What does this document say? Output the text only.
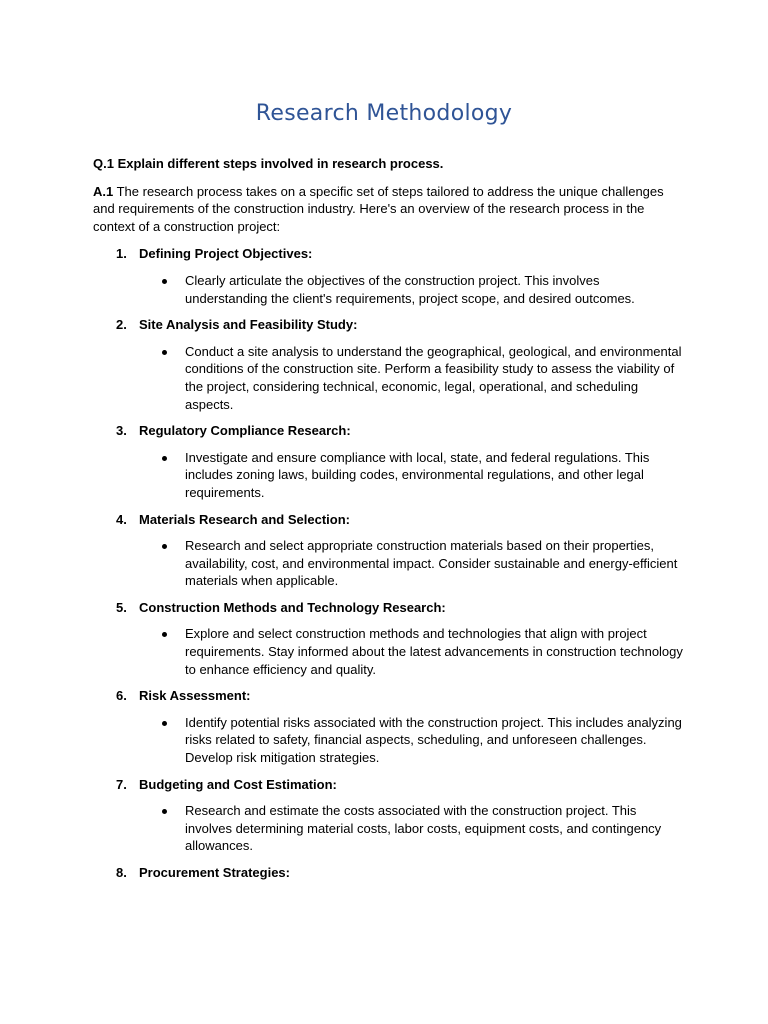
Research Methodology

Q.1 Explain different steps involved in research process.

A.1 The research process takes on a specific set of steps tailored to address the unique challenges and requirements of the construction industry. Here's an overview of the research process in the context of a construction project:

1. Defining Project Objectives:
Clearly articulate the objectives of the construction project. This involves understanding the client's requirements, project scope, and desired outcomes.
2. Site Analysis and Feasibility Study:
Conduct a site analysis to understand the geographical, geological, and environmental conditions of the construction site. Perform a feasibility study to assess the viability of the project, considering technical, economic, legal, operational, and scheduling aspects.
3. Regulatory Compliance Research:
Investigate and ensure compliance with local, state, and federal regulations. This includes zoning laws, building codes, environmental regulations, and other legal requirements.
4. Materials Research and Selection:
Research and select appropriate construction materials based on their properties, availability, cost, and environmental impact. Consider sustainable and energy-efficient materials when applicable.
5. Construction Methods and Technology Research:
Explore and select construction methods and technologies that align with project requirements. Stay informed about the latest advancements in construction technology to enhance efficiency and quality.
6. Risk Assessment:
Identify potential risks associated with the construction project. This includes analyzing risks related to safety, financial aspects, scheduling, and unforeseen challenges. Develop risk mitigation strategies.
7. Budgeting and Cost Estimation:
Research and estimate the costs associated with the construction project. This involves determining material costs, labor costs, equipment costs, and contingency allowances.
8. Procurement Strategies:
